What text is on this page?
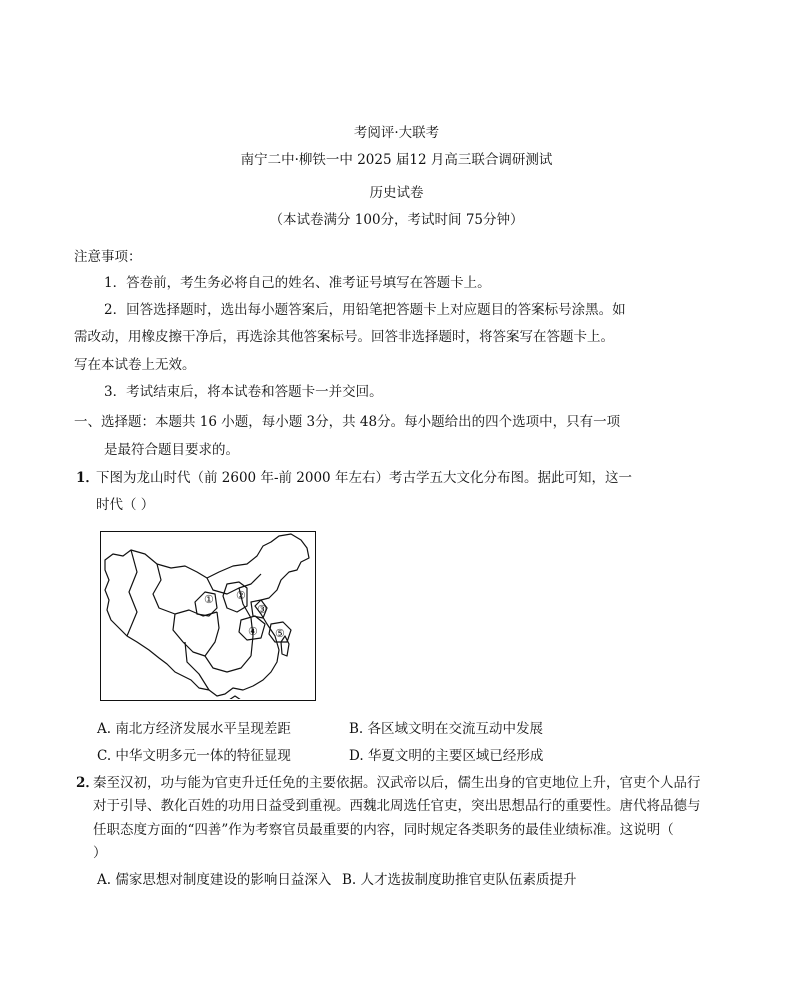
考阅评·大联考
南宁二中·柳铁一中 2025 届12 月高三联合调研测试
历史试卷
（本试卷满分 100分，考试时间 75分钟）
注意事项：
1．答卷前，考生务必将自己的姓名、准考证号填写在答题卡上。
2．回答选择题时，选出每小题答案后，用铅笔把答题卡上对应题目的答案标号涂黑。如
需改动，用橡皮擦干净后，再选涂其他答案标号。回答非选择题时，将答案写在答题卡上。
写在本试卷上无效。
3．考试结束后，将本试卷和答题卡一并交回。
一、选择题：本题共 16 小题，每小题 3分，共 48分。每小题给出的四个选项中，只有一项
是最符合题目要求的。
1．
下图为龙山时代（前 2600 年-前 2000 年左右）考古学五大文化分布图。据此可知，这一
时代（ ）
① ②
③
④ ⑤
A. 南北方经济发展水平呈现差距	B. 各区域文明在交流互动中发展
C. 中华文明多元一体的特征显现	D. 华夏文明的主要区域已经形成
2．
秦至汉初，功与能为官吏升迁任免的主要依据。汉武帝以后，儒生出身的官吏地位上升，官吏个人品行
对于引导、教化百姓的功用日益受到重视。西魏北周选任官吏，突出思想品行的重要性。唐代将品德与
任职态度方面的“四善”作为考察官员最重要的内容，同时规定各类职务的最佳业绩标准。这说明（
）
A. 儒家思想对制度建设的影响日益深入 B. 人才选拔制度助推官吏队伍素质提升
